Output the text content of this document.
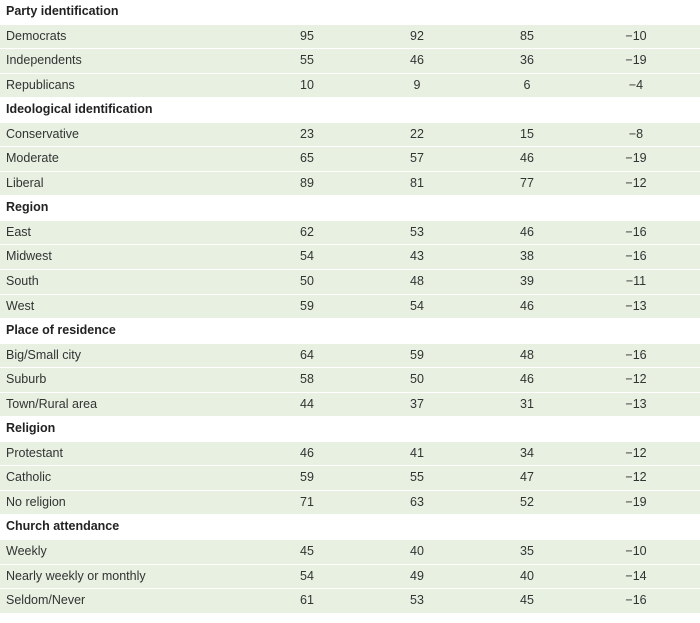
Party identification
Democrats	95	92	85	−10
Independents	55	46	36	−19
Republicans	10	9	6	−4
Ideological identification
Conservative	23	22	15	−8
Moderate	65	57	46	−19
Liberal	89	81	77	−12
Region
East	62	53	46	−16
Midwest	54	43	38	−16
South	50	48	39	−11
West	59	54	46	−13
Place of residence
Big/Small city	64	59	48	−16
Suburb	58	50	46	−12
Town/Rural area	44	37	31	−13
Religion
Protestant	46	41	34	−12
Catholic	59	55	47	−12
No religion	71	63	52	−19
Church attendance
Weekly	45	40	35	−10
Nearly weekly or monthly	54	49	40	−14
Seldom/Never	61	53	45	−16
